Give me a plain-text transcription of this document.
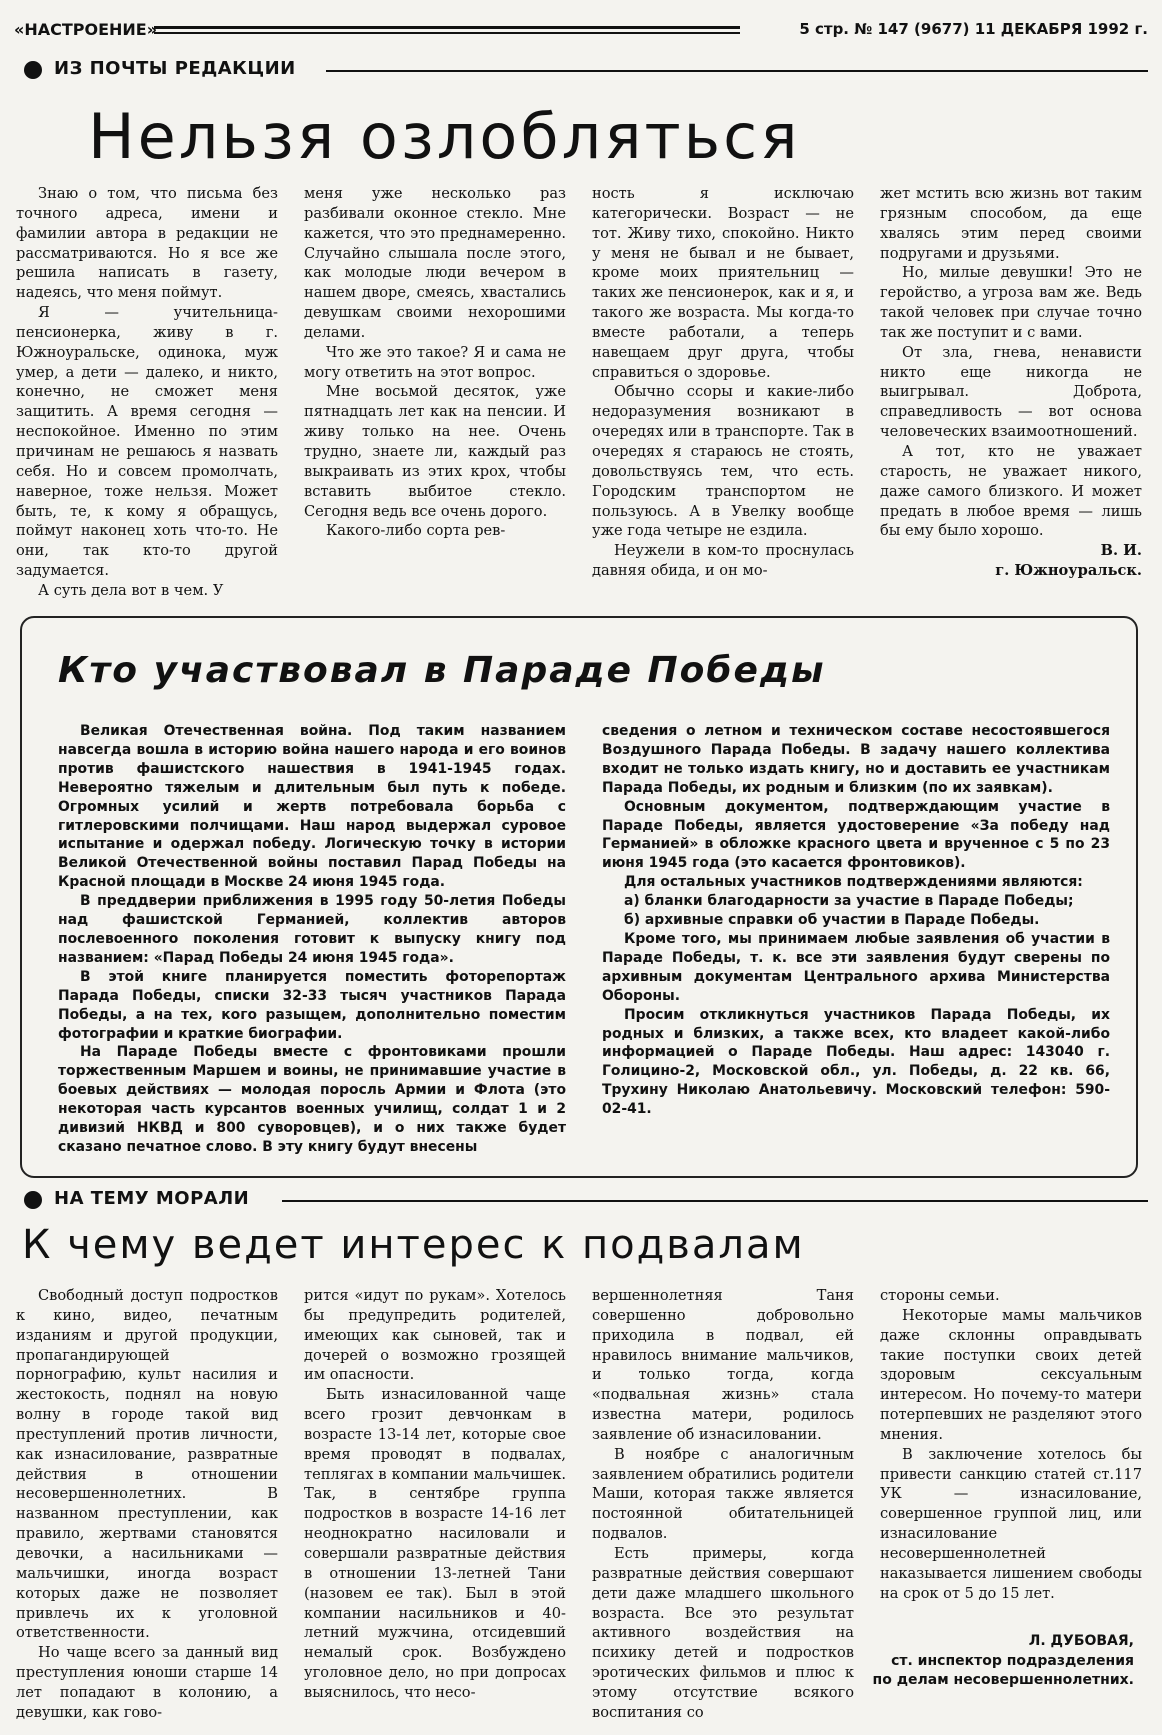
«НАСТРОЕНИЕ»	5 стр. № 147 (9677) 11 ДЕКАБРЯ 1992 г.
ИЗ ПОЧТЫ РЕДАКЦИИ
Нельзя озлобляться

Знаю о том, что письма без точного адреса, имени и фамилии автора в редакции не рассматриваются. Но я все же решила написать в газету, надеясь, что меня поймут.

Я — учительница-пенсионерка, живу в г. Южноуральске, одинока, муж умер, а дети — далеко, и никто, конечно, не сможет меня защитить. А время сегодня — неспокойное. Именно по этим причинам не решаюсь я назвать себя. Но и совсем промолчать, наверное, тоже нельзя. Может быть, те, к кому я обращусь, поймут наконец хоть что-то. Не они, так кто-то другой задумается.

А суть дела вот в чем. У

меня уже несколько раз разбивали оконное стекло. Мне кажется, что это преднамеренно. Случайно слышала после этого, как молодые люди вечером в нашем дворе, смеясь, хвастались девушкам своими нехорошими делами.

Что же это такое? Я и сама не могу ответить на этот вопрос.

Мне восьмой десяток, уже пятнадцать лет как на пенсии. И живу только на нее. Очень трудно, знаете ли, каждый раз выкраивать из этих крох, чтобы вставить выбитое стекло. Сегодня ведь все очень дорого.

Какого-либо сорта рев-

ность я исключаю категорически. Возраст — не тот. Живу тихо, спокойно. Никто у меня не бывал и не бывает, кроме моих приятельниц — таких же пенсионерок, как и я, и такого же возраста. Мы когда-то вместе работали, а теперь навещаем друг друга, чтобы справиться о здоровье.

Обычно ссоры и какие-либо недоразумения возникают в очередях или в транспорте. Так в очередях я стараюсь не стоять, довольствуясь тем, что есть. Городским транспортом не пользуюсь. А в Увелку вообще уже года четыре не ездила.

Неужели в ком-то проснулась давняя обида, и он мо-

жет мстить всю жизнь вот таким грязным способом, да еще хвалясь этим перед своими подругами и друзьями.

Но, милые девушки! Это не геройство, а угроза вам же. Ведь такой человек при случае точно так же поступит и с вами.

От зла, гнева, ненависти никто еще никогда не выигрывал. Доброта, справедливость — вот основа человеческих взаимоотношений.

А тот, кто не уважает старость, не уважает никого, даже самого близкого. И может предать в любое время — лишь бы ему было хорошо.

В. И.
г. Южноуральск.
Кто участвовал в Параде Победы

Великая Отечественная война. Под таким названием навсегда вошла в историю война нашего народа и его воинов против фашистского нашествия в 1941-1945 годах. Невероятно тяжелым и длительным был путь к победе. Огромных усилий и жертв потребовала борьба с гитлеровскими полчищами. Наш народ выдержал суровое испытание и одержал победу. Логическую точку в истории Великой Отечественной войны поставил Парад Победы на Красной площади в Москве 24 июня 1945 года.

В преддверии приближения в 1995 году 50-летия Победы над фашистской Германией, коллектив авторов послевоенного поколения готовит к выпуску книгу под названием: «Парад Победы 24 июня 1945 года».

В этой книге планируется поместить фоторепортаж Парада Победы, списки 32-33 тысяч участников Парада Победы, а на тех, кого разыщем, дополнительно поместим фотографии и краткие биографии.

На Параде Победы вместе с фронтовиками прошли торжественным Маршем и воины, не принимавшие участие в боевых действиях — молодая поросль Армии и Флота (это некоторая часть курсантов военных училищ, солдат 1 и 2 дивизий НКВД и 800 суворовцев), и о них также будет сказано печатное слово. В эту книгу будут внесены

сведения о летном и техническом составе несостоявшегося Воздушного Парада Победы. В задачу нашего коллектива входит не только издать книгу, но и доставить ее участникам Парада Победы, их родным и близким (по их заявкам).

Основным документом, подтверждающим участие в Параде Победы, является удостоверение «За победу над Германией» в обложке красного цвета и врученное с 5 по 23 июня 1945 года (это касается фронтовиков).

Для остальных участников подтверждениями являются:

а) бланки благодарности за участие в Параде Победы;

б) архивные справки об участии в Параде Победы.

Кроме того, мы принимаем любые заявления об участии в Параде Победы, т. к. все эти заявления будут сверены по архивным документам Центрального архива Министерства Обороны.

Просим откликнуться участников Парада Победы, их родных и близких, а также всех, кто владеет какой-либо информацией о Параде Победы. Наш адрес: 143040 г. Голицино-2, Московской обл., ул. Победы, д. 22 кв. 66, Трухину Николаю Анатольевичу. Московский телефон: 590-02-41.

НА ТЕМУ МОРАЛИ
К чему ведет интерес к подвалам

Свободный доступ подростков к кино, видео, печатным изданиям и другой продукции, пропагандирующей порнографию, культ насилия и жестокость, поднял на новую волну в городе такой вид преступлений против личности, как изнасилование, развратные действия в отношении несовершеннолетних. В названном преступлении, как правило, жертвами становятся девочки, а насильниками — мальчишки, иногда возраст которых даже не позволяет привлечь их к уголовной ответственности.

Но чаще всего за данный вид преступления юноши старше 14 лет попадают в колонию, а девушки, как гово-

рится «идут по рукам». Хотелось бы предупредить родителей, имеющих как сыновей, так и дочерей о возможно грозящей им опасности.

Быть изнасилованной чаще всего грозит девчонкам в возрасте 13-14 лет, которые свое время проводят в подвалах, теплягах в компании мальчишек. Так, в сентябре группа подростков в возрасте 14-16 лет неоднократно насиловали и совершали развратные действия в отношении 13-летней Тани (назовем ее так). Был в этой компании насильников и 40-летний мужчина, отсидевший немалый срок. Возбуждено уголовное дело, но при допросах выяснилось, что несо-

вершеннолетняя Таня совершенно добровольно приходила в подвал, ей нравилось внимание мальчиков, и только тогда, когда «подвальная жизнь» стала известна матери, родилось заявление об изнасиловании.

В ноябре с аналогичным заявлением обратились родители Маши, которая также является постоянной обитательницей подвалов.

Есть примеры, когда развратные действия совершают дети даже младшего школьного возраста. Все это результат активного воздействия на психику детей и подростков эротических фильмов и плюс к этому отсутствие всякого воспитания со

стороны семьи.

Некоторые мамы мальчиков даже склонны оправдывать такие поступки своих детей здоровым сексуальным интересом. Но почему-то матери потерпевших не разделяют этого мнения.

В заключение хотелось бы привести санкцию статей ст.117 УК — изнасилование, совершенное группой лиц, или изнасилование несовершеннолетней наказывается лишением свободы на срок от 5 до 15 лет.

Л. ДУБОВАЯ,
ст. инспектор подразделения по делам несовершеннолетних.
